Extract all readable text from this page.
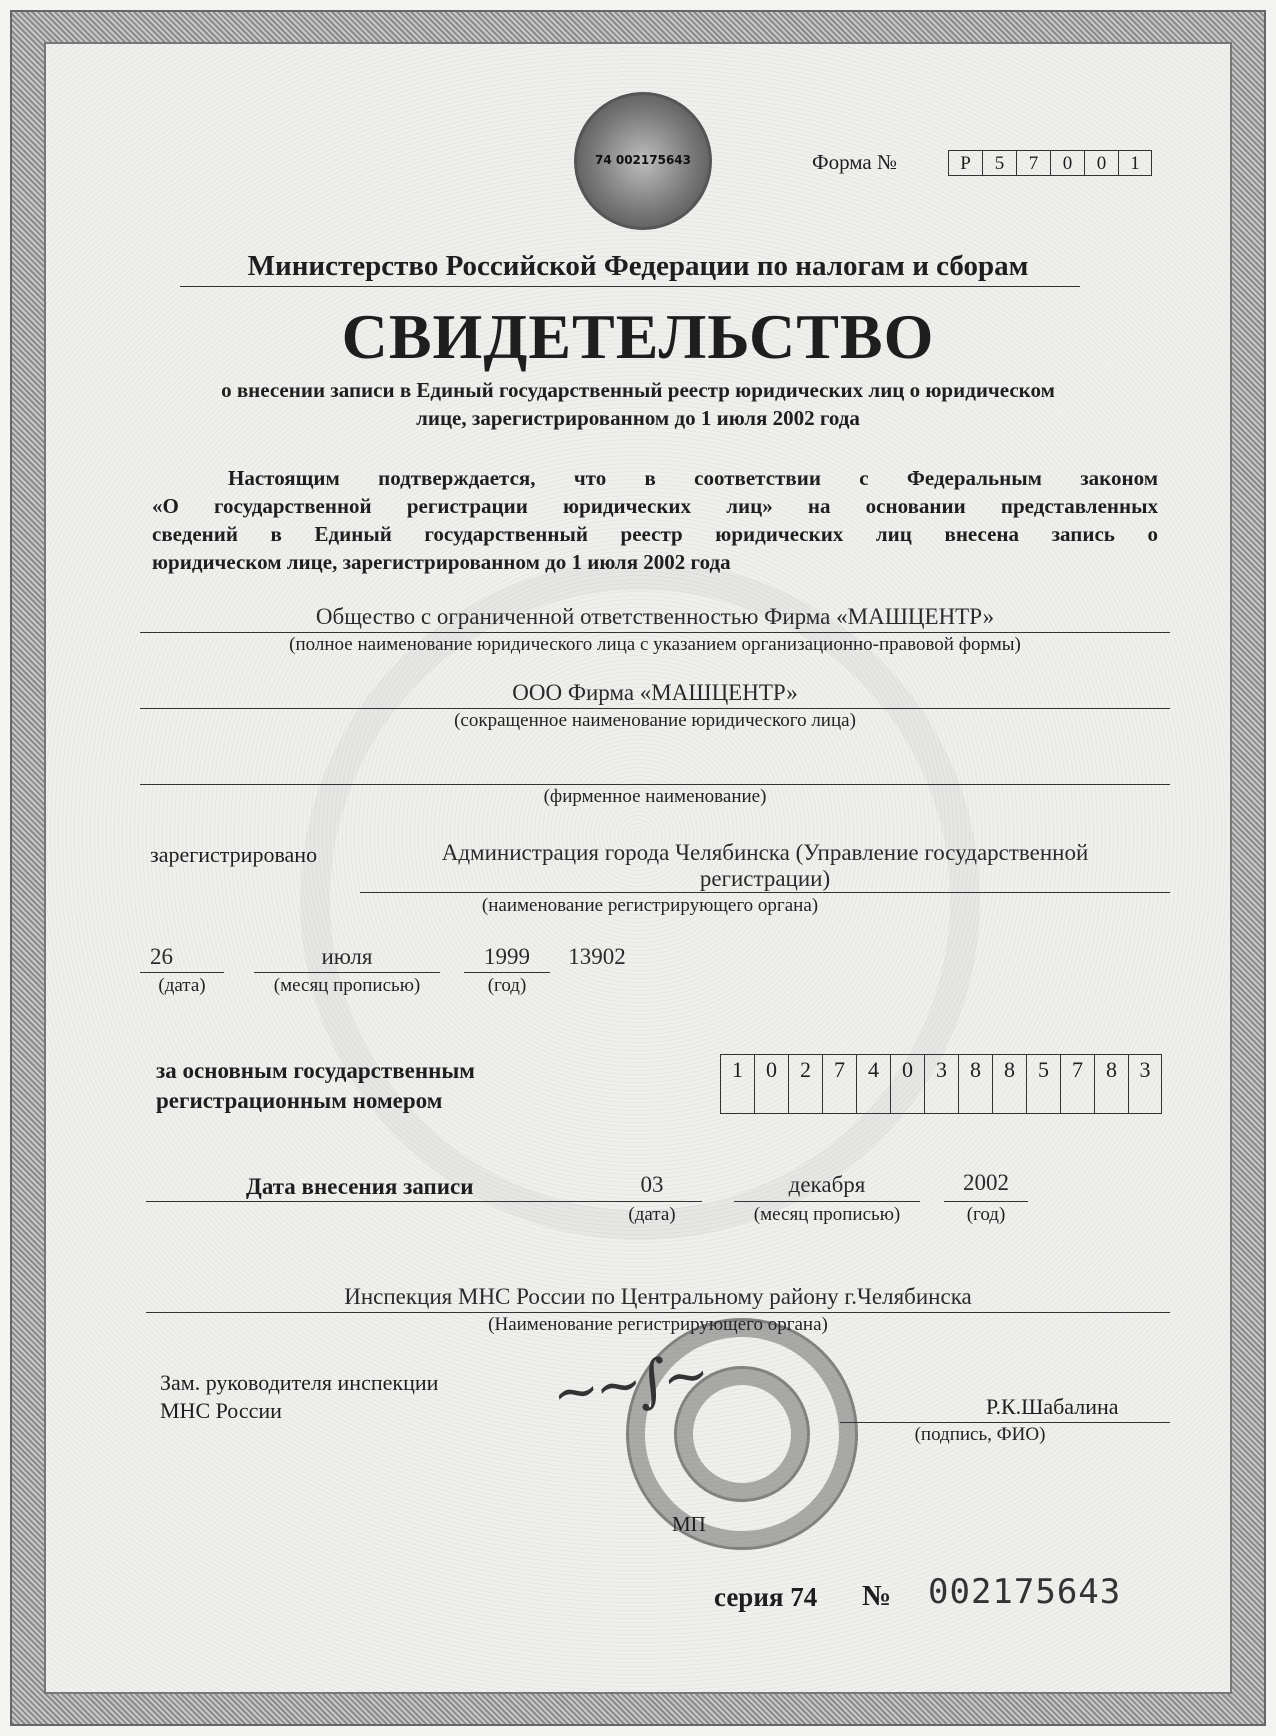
74 002175643	Форма №	Р	5	7	0	0	1
Министерство Российской Федерации по налогам и сборам
СВИДЕТЕЛЬСТВО
о внесении записи в Единый государственный реестр юридических лиц о юридическом
лице, зарегистрированном до 1 июля 2002 года
Настоящим подтверждается, что в соответствии с Федеральным законом
«О государственной регистрации юридических лиц» на основании представленных
сведений в Единый государственный реестр юридических лиц внесена запись о
юридическом лице, зарегистрированном до 1 июля 2002 года
Общество с ограниченной ответственностью Фирма «МАШЦЕНТР»
(полное наименование юридического лица с указанием организационно-правовой формы)
ООО Фирма «МАШЦЕНТР»
(сокращенное наименование юридического лица)
(фирменное наименование)
зарегистрировано	Администрация города Челябинска (Управление государственной
регистрации)
(наименование регистрирующего органа)
26
(дата)
июля
(месяц прописью)
1999
(год)
13902
за основным государственным
регистрационным номером
1	0	2	7	4	0	3	8	8	5	7	8	3
Дата внесения записи	03
(дата)
декабря
(месяц прописью)
2002
(год)
Инспекция МНС России по Центральному району г.Челябинска
(Наименование регистрирующего органа)
Зам. руководителя инспекции
МНС России	~~∫~	Р.К.Шабалина
(подпись, ФИО)
МП
серия 74 № 002175643
